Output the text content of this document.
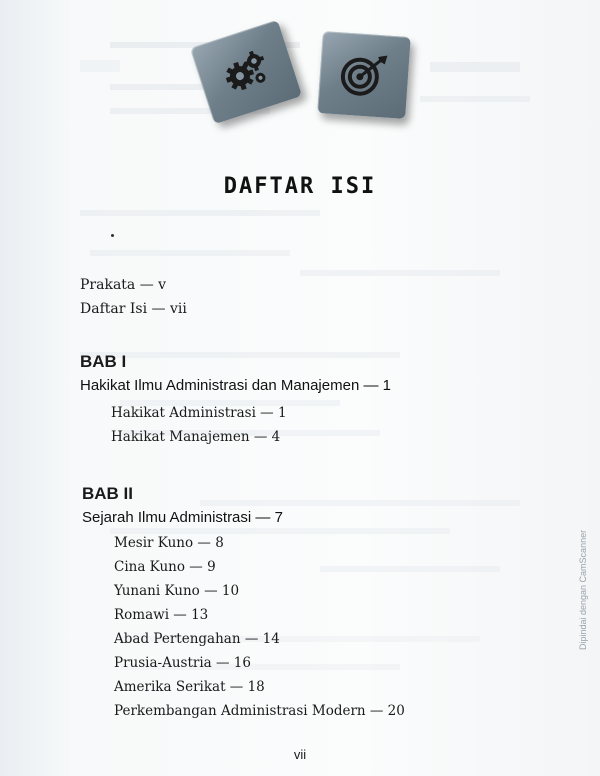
DAFTAR ISI
Prakata — v
Daftar Isi — vii
BAB I
Hakikat Ilmu Administrasi dan Manajemen — 1
Hakikat Administrasi — 1
Hakikat Manajemen — 4
BAB II
Sejarah Ilmu Administrasi — 7
Mesir Kuno — 8
Cina Kuno — 9
Yunani Kuno — 10
Romawi — 13
Abad Pertengahan — 14
Prusia-Austria — 16
Amerika Serikat — 18
Perkembangan Administrasi Modern — 20
vii
Dipindai dengan CamScanner
